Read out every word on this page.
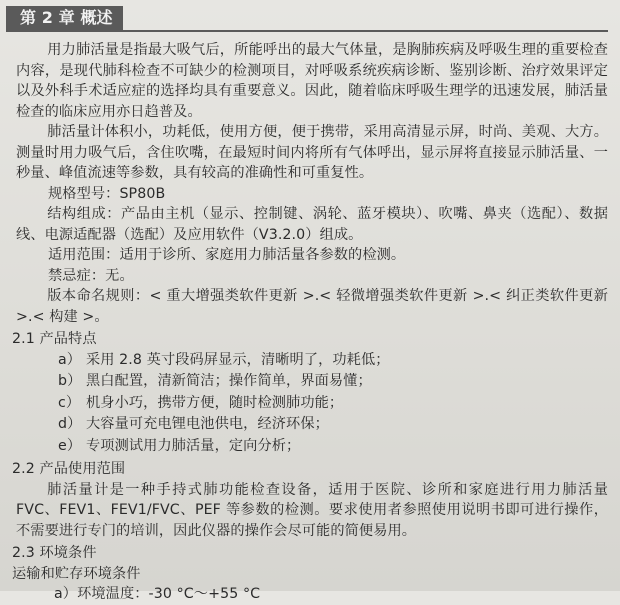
第 2 章 概述

用力肺活量是指最大吸气后，所能呼出的最大气体量，是胸肺疾病及呼吸生理的重要检查内容，是现代肺科检查不可缺少的检测项目，对呼吸系统疾病诊断、鉴别诊断、治疗效果评定以及外科手术适应症的选择均具有重要意义。因此，随着临床呼吸生理学的迅速发展，肺活量检查的临床应用亦日趋普及。

肺活量计体积小，功耗低，使用方便，便于携带，采用高清显示屏，时尚、美观、大方。测量时用力吸气后，含住吹嘴，在最短时间内将所有气体呼出，显示屏将直接显示肺活量、一秒量、峰值流速等参数，具有较高的准确性和可重复性。

规格型号：SP80B

结构组成：产品由主机（显示、控制键、涡轮、蓝牙模块）、吹嘴、鼻夹（选配）、数据线、电源适配器（选配）及应用软件（V3.2.0）组成。

适用范围：适用于诊所、家庭用力肺活量各参数的检测。

禁忌症：无。

版本命名规则：< 重大增强类软件更新 >.< 轻微增强类软件更新 >.< 纠正类软件更新 >.< 构建 >。

2.1 产品特点

a） 采用 2.8 英寸段码屏显示，清晰明了，功耗低；
b） 黑白配置，清新简洁；操作简单，界面易懂；
c） 机身小巧，携带方便，随时检测肺功能；
d） 大容量可充电锂电池供电，经济环保；
e） 专项测试用力肺活量，定向分析；

2.2 产品使用范围

肺活量计是一种手持式肺功能检查设备，适用于医院、诊所和家庭进行用力肺活量 FVC、FEV1、FEV1/FVC、PEF 等参数的检测。要求使用者参照使用说明书即可进行操作，不需要进行专门的培训，因此仪器的操作会尽可能的简便易用。

2.3 环境条件

运输和贮存环境条件

a）环境温度：-30 °C～+55 °C
